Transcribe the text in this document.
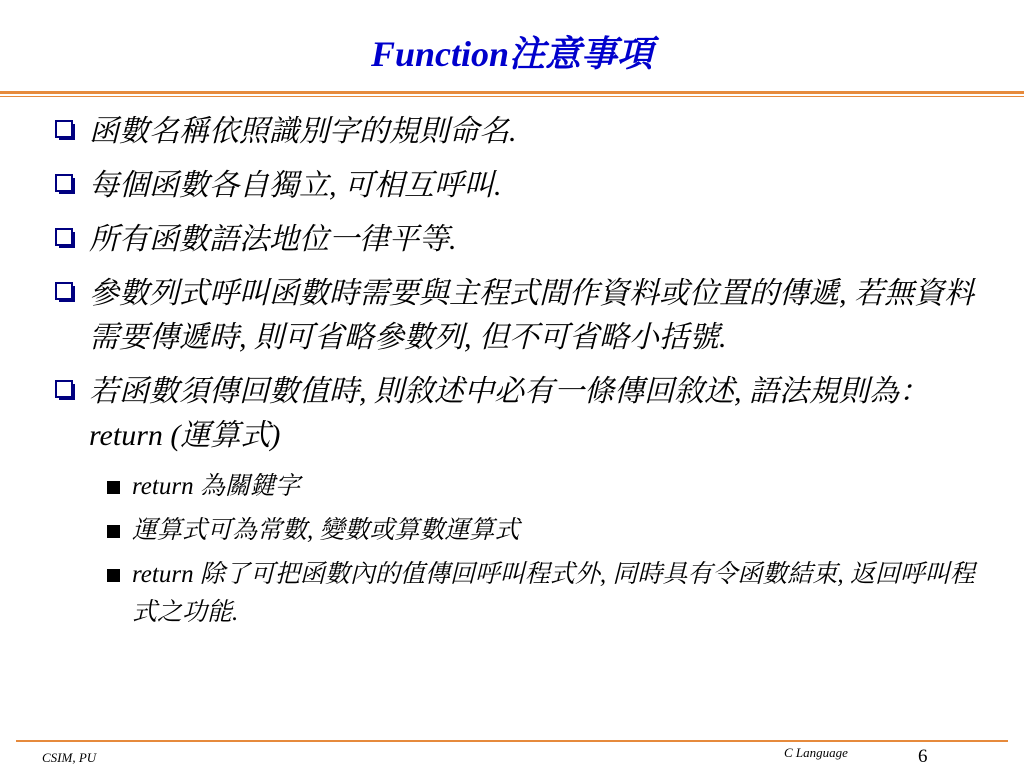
Function注意事項
函數名稱依照識別字的規則命名.
每個函數各自獨立, 可相互呼叫.
所有函數語法地位一律平等.
參數列式呼叫函數時需要與主程式間作資料或位置的傳遞, 若無資料需要傳遞時, 則可省略參數列, 但不可省略小括號.
若函數須傳回數值時, 則敘述中必有一條傳回敘述, 語法規則為： return (運算式)
return 為關鍵字
運算式可為常數, 變數或算數運算式
return 除了可把函數內的值傳回呼叫程式外, 同時具有令函數結束, 返回呼叫程式之功能.
CSIM, PU	C Language	6
